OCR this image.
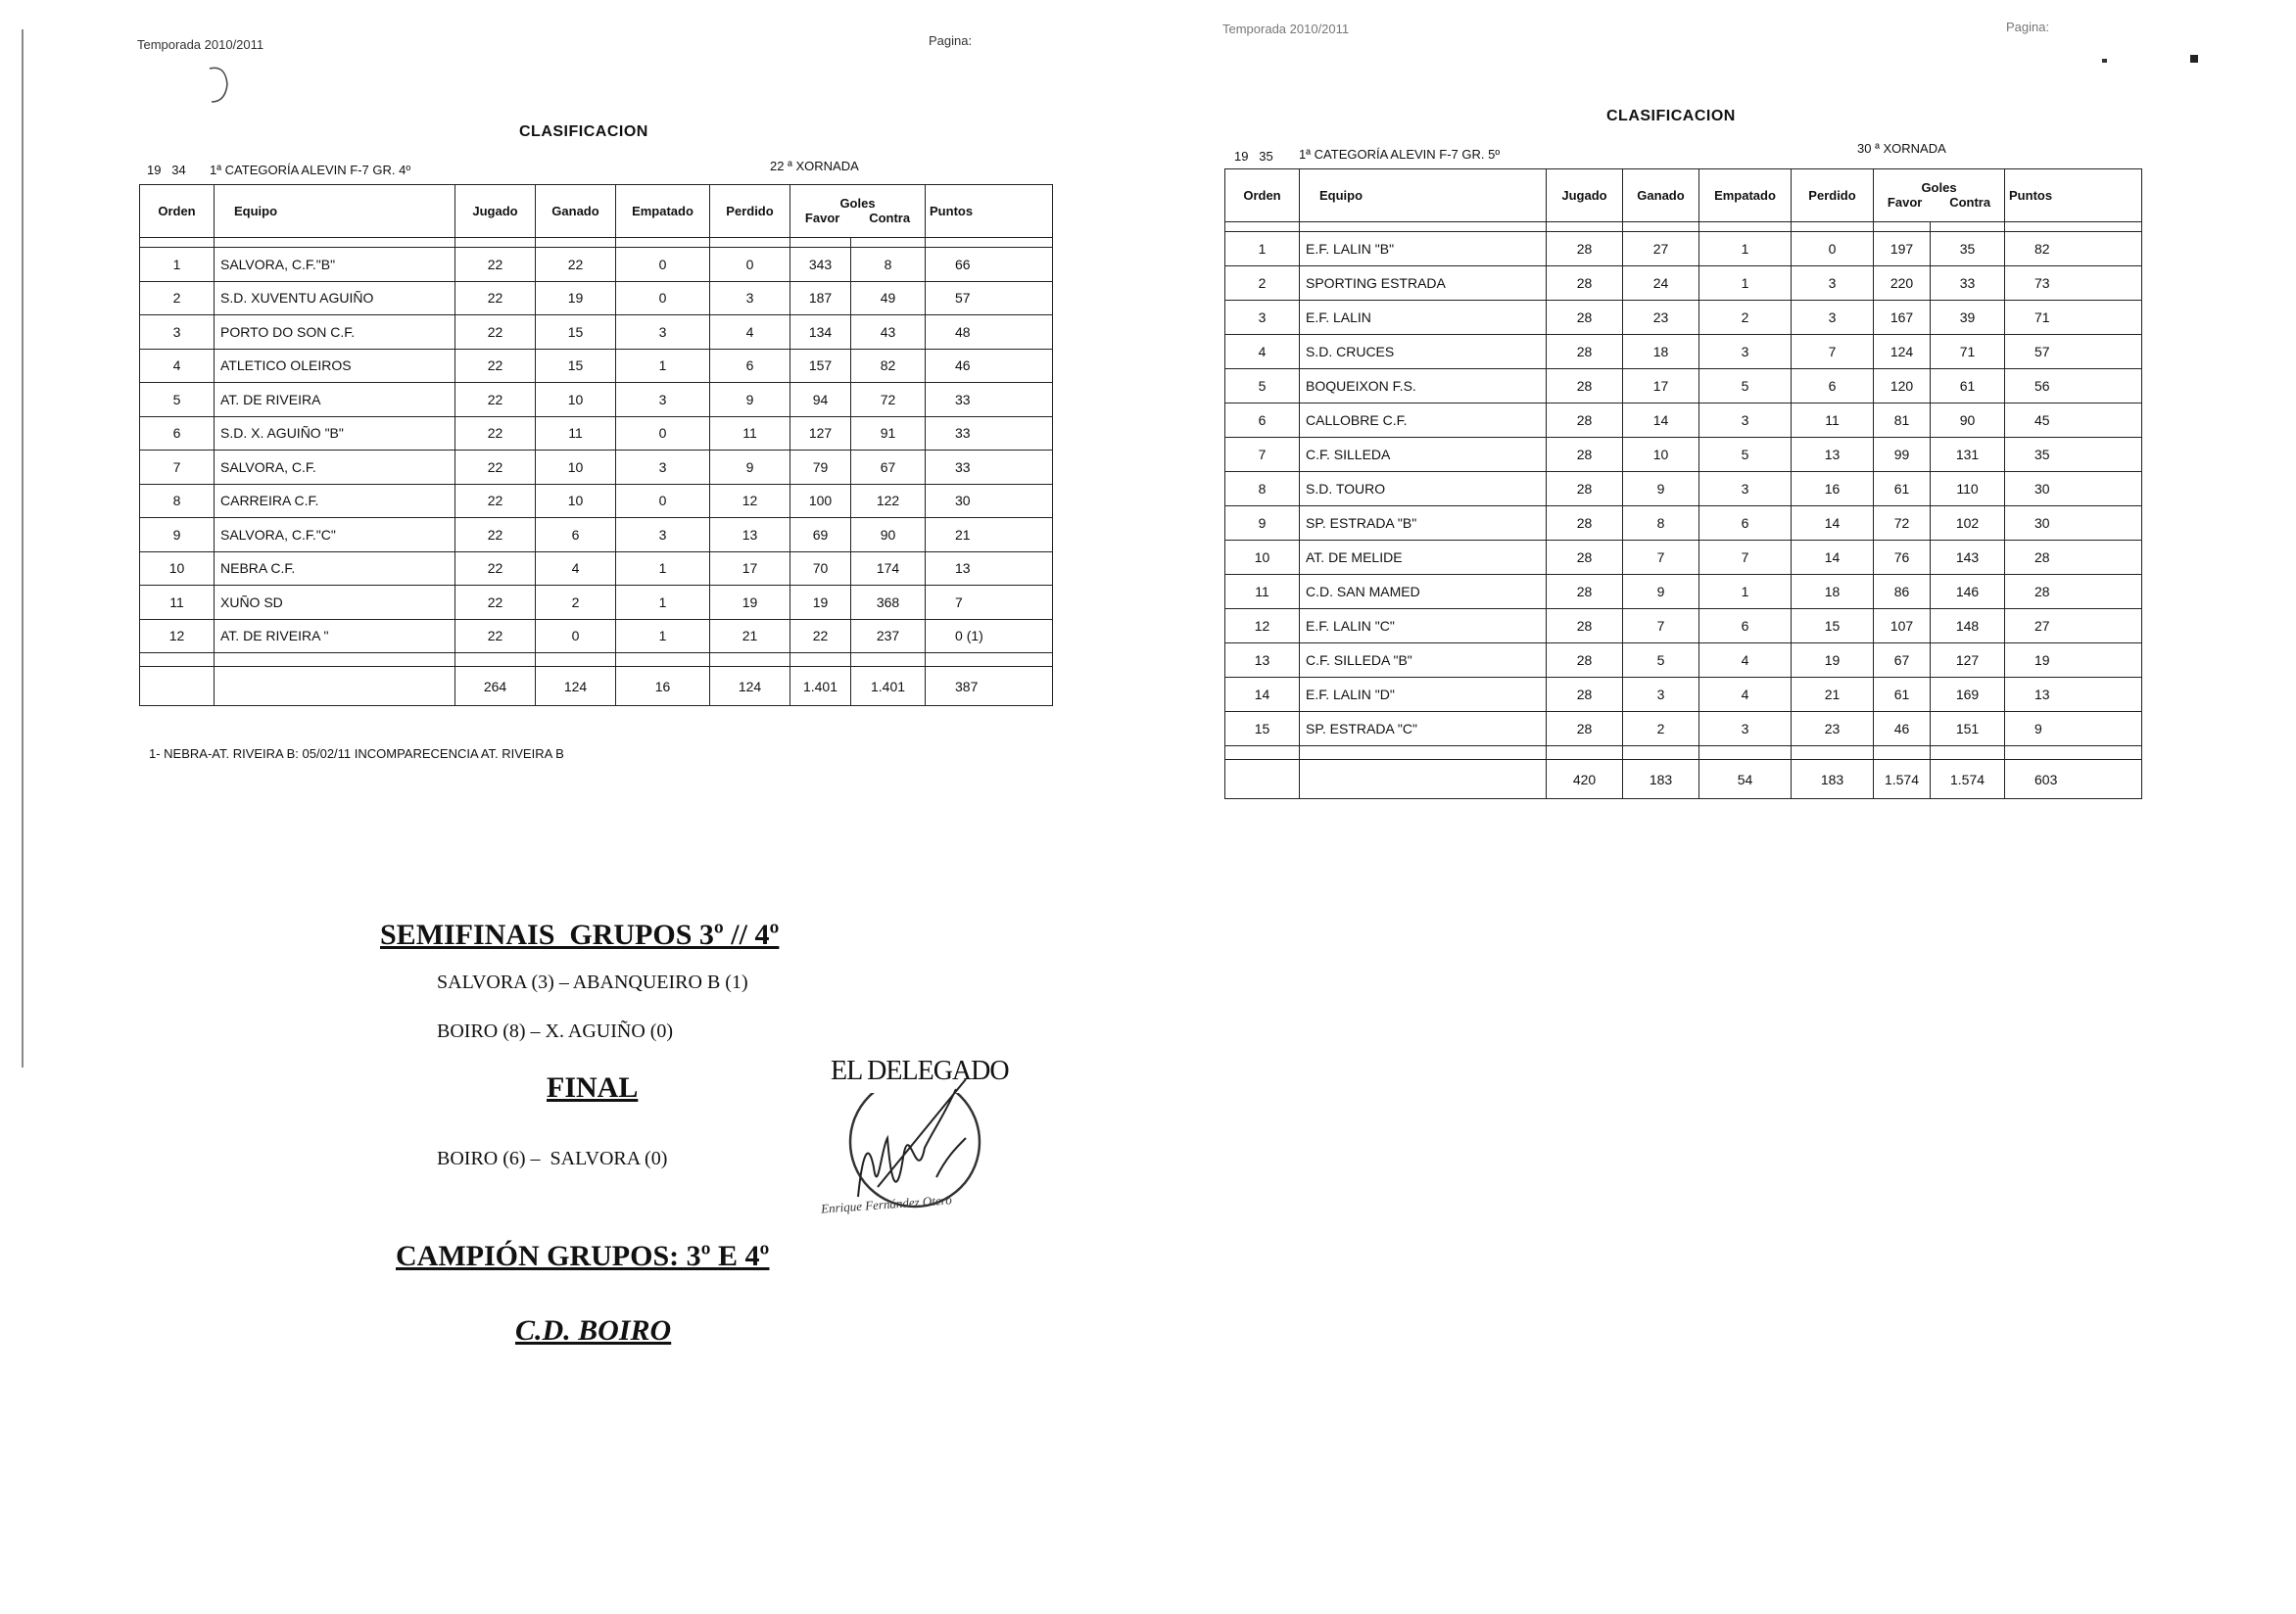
Temporada 2010/2011	Pagina:
CLASIFICACION
19   34 1ª CATEGORÍA ALEVIN F-7 GR. 4º	22 ª XORNADA
Orden	Equipo	Jugado	Ganado	Empatado	Perdido	Goles
Favor Contra		Puntos

1	SALVORA, C.F."B"	22	22	0	0	343	8	66
2	S.D. XUVENTU AGUIÑO	22	19	0	3	187	49	57
3	PORTO DO SON C.F.	22	15	3	4	134	43	48
4	ATLETICO OLEIROS	22	15	1	6	157	82	46
5	AT. DE RIVEIRA	22	10	3	9	94	72	33
6	S.D. X. AGUIÑO "B"	22	11	0	11	127	91	33
7	SALVORA, C.F.	22	10	3	9	79	67	33
8	CARREIRA C.F.	22	10	0	12	100	122	30
9	SALVORA, C.F."C"	22	6	3	13	69	90	21
10	NEBRA C.F.	22	4	1	17	70	174	13
11	XUÑO SD	22	2	1	19	19	368	7
12	AT. DE RIVEIRA "	22	0	1	21	22	237	0 (1)

		264	124	16	124	1.401	1.401	387
1- NEBRA-AT. RIVEIRA B: 05/02/11 INCOMPARECENCIA AT. RIVEIRA B
Temporada 2010/2011	Pagina:
CLASIFICACION
19   35 1ª CATEGORÍA ALEVIN F-7 GR. 5º	30 ª XORNADA
Orden	Equipo	Jugado	Ganado	Empatado	Perdido	Goles
Favor Contra		Puntos

1	E.F. LALIN "B"	28	27	1	0	197	35	82
2	SPORTING ESTRADA	28	24	1	3	220	33	73
3	E.F. LALIN	28	23	2	3	167	39	71
4	S.D. CRUCES	28	18	3	7	124	71	57
5	BOQUEIXON F.S.	28	17	5	6	120	61	56
6	CALLOBRE C.F.	28	14	3	11	81	90	45
7	C.F. SILLEDA	28	10	5	13	99	131	35
8	S.D. TOURO	28	9	3	16	61	110	30
9	SP. ESTRADA "B"	28	8	6	14	72	102	30
10	AT. DE MELIDE	28	7	7	14	76	143	28
11	C.D. SAN MAMED	28	9	1	18	86	146	28
12	E.F. LALIN "C"	28	7	6	15	107	148	27
13	C.F. SILLEDA "B"	28	5	4	19	67	127	19
14	E.F. LALIN "D"	28	3	4	21	61	169	13
15	SP. ESTRADA "C"	28	2	3	23	46	151	9

		420	183	54	183	1.574	1.574	603
SEMIFINAIS  GRUPOS 3º // 4º
SALVORA (3) – ABANQUEIRO B (1)
BOIRO (8) – X. AGUIÑO (0)
FINAL
BOIRO (6) –  SALVORA (0)
CAMPIÓN GRUPOS: 3º E 4º
C.D. BOIRO
EL DELEGADO
Enrique Fernández Otero
